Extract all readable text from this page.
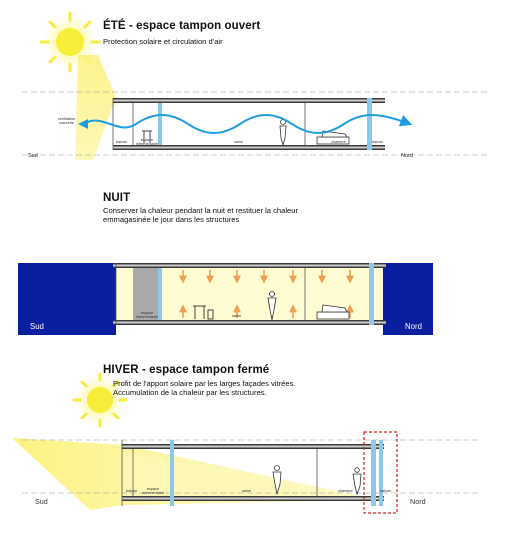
ÉTÉ - espace tampon ouvert
Protection solaire et circulation d'air
ventilation
naturelle
Sud	Nord
balcon	espace
intermédiaire
salon	chambre	balcon
NUIT
Conserver la chaleur pendant la nuit et restituer la chaleur
emmagasinée le jour dans les structures
Sud	Nord
espace
intermédiaire	salon
HIVER - espace tampon fermé
Profit de l'apport solaire par les larges façades vitrées.
Accumulation de la chaleur par les structures.
Sud	Nord
balcon	espace
intermédiaire
salon	chambre	balcon
